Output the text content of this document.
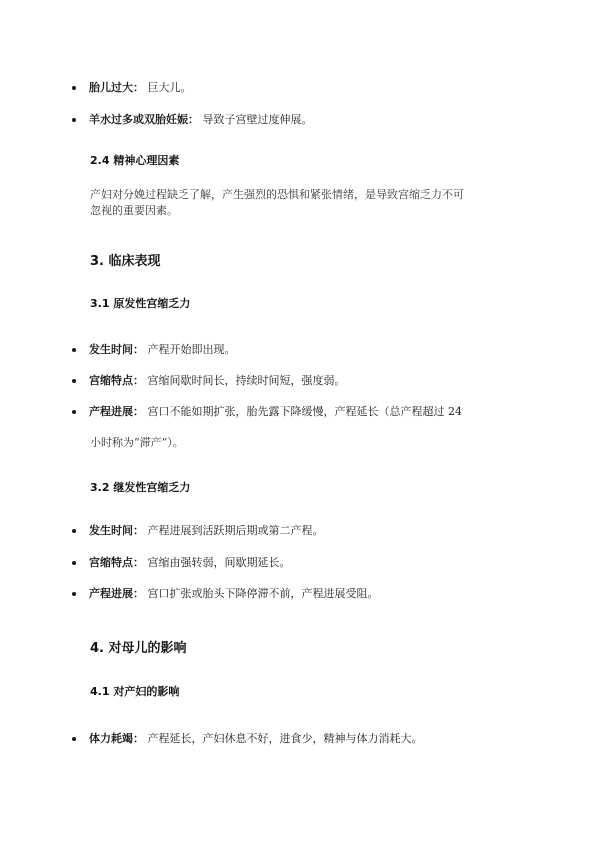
胎儿过大： 巨大儿。
羊水过多或双胎妊娠： 导致子宫壁过度伸展。
2.4 精神心理因素
产妇对分娩过程缺乏了解，产生强烈的恐惧和紧张情绪，是导致宫缩乏力不可
忽视的重要因素。
3. 临床表现
3.1 原发性宫缩乏力
发生时间： 产程开始即出现。
宫缩特点： 宫缩间歇时间长，持续时间短，强度弱。
产程进展： 宫口不能如期扩张，胎先露下降缓慢，产程延长（总产程超过 24
小时称为“滞产”）。
3.2 继发性宫缩乏力
发生时间： 产程进展到活跃期后期或第二产程。
宫缩特点： 宫缩由强转弱，间歇期延长。
产程进展： 宫口扩张或胎头下降停滞不前，产程进展受阻。
4. 对母儿的影响
4.1 对产妇的影响
体力耗竭： 产程延长，产妇休息不好，进食少，精神与体力消耗大。
